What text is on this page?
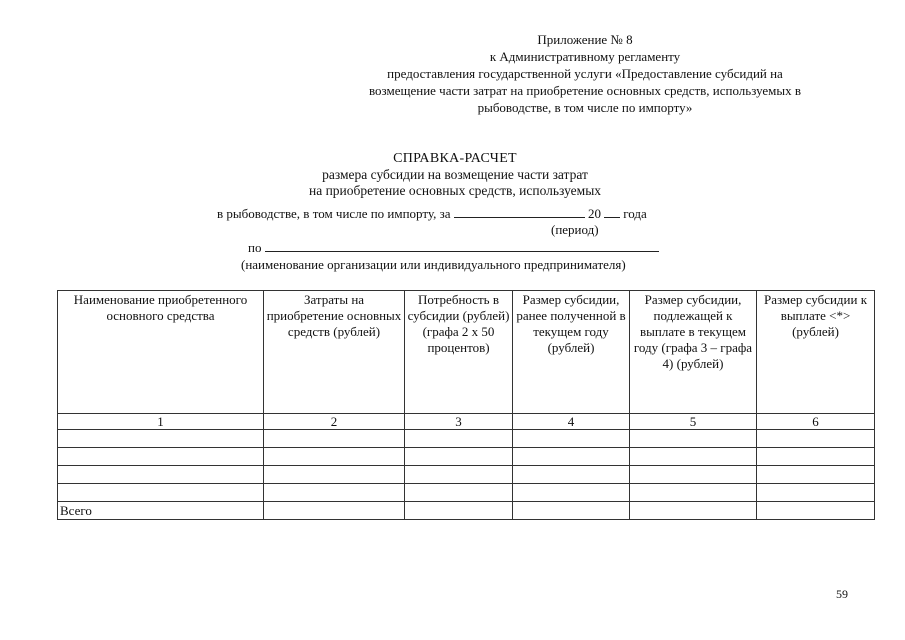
Приложение № 8
к Административному регламенту
предоставления государственной услуги «Предоставление субсидий на
возмещение части затрат на приобретение основных средств, используемых в
рыбоводстве, в том числе по импорту»
СПРАВКА-РАСЧЕТ
размера субсидии на возмещение части затрат
на приобретение основных средств, используемых
в рыбоводстве, в том числе по импорту, за	20 года
(период)
по
(наименование организации или индивидуального предпринимателя)
Наименование приобретенного основного средства	Затраты на приобретение основных средств (рублей)	Потребность в субсидии (рублей) (графа 2 x 50 процентов)	Размер субсидии, ранее полученной в текущем году (рублей)	Размер субсидии, подлежащей к выплате в текущем году (графа 3 – графа 4) (рублей)	Размер субсидии к выплате <*> (рублей)
1	2	3	4	5	6

Всего					
59
